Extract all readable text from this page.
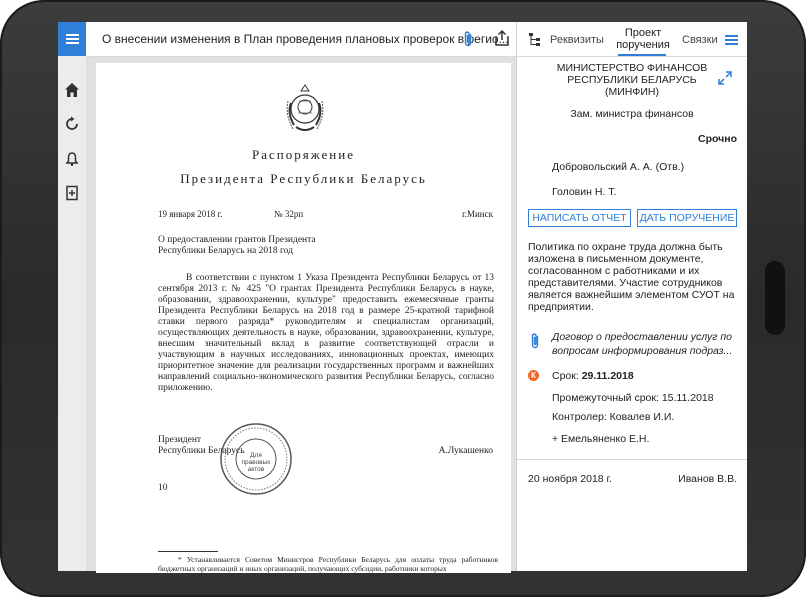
О внесении изменения в План проведения плановых проверок в регио...
Распоряжение
Президента Республики Беларусь
19 января 2018 г.	№ 32рп	г.Минск
О предоставлении грантов Президента Республики Беларусь на 2018 год
В соответствии с пунктом 1 Указа Президента Республики Беларусь от 13 сентября 2013 г. № 425 "О грантах Президента Республики Беларусь в науке, образовании, здравоохранении, культуре" предоставить ежемесячные гранты Президента Республики Беларусь на 2018 год в размере 25-кратной тарифной ставки первого разряда* руководителям и специалистам организаций, осуществляющих деятельность в науке, образовании, здравоохранении, культуре, внесшим значительный вклад в развитие соответствующей отрасли и участвующим в научных исследованиях, инновационных проектах, имеющих приоритетное значение для реализации государственных программ и важнейших направлений социально-экономического развития Республики Беларусь, согласно приложению.
Президент
Республики Беларусь Для
правовых
актов
А.Лукашенко
10
* Устанавливается Советом Министров Республики Беларусь для оплаты труда работников бюджетных организаций и иных организаций, получающих субсидии, работники которых
Реквизиты
Проект
поручения Связки
МИНИСТЕРСТВО ФИНАНСОВ
РЕСПУБЛИКИ БЕЛАРУСЬ
(МИНФИН)
Зам. министра финансов
Срочно
Добровольский А. А. (Отв.)
Головин Н. Т.
НАПИСАТЬ ОТЧЕТ	ДАТЬ ПОРУЧЕНИЕ
Политика по охране труда должна быть изложена в письменном документе, согласованном с работниками и их представителями. Участие сотрудников является важнейшим элементом СУОТ на предприятии.
Договор о предоставлении услуг по вопросам информирования подраз...
К Срок: 29.11.2018
Промежуточный срок: 15.11.2018
Контролер: Ковалев И.И.
+ Емельяненко Е.Н.
20 ноября 2018 г.	Иванов В.В.
